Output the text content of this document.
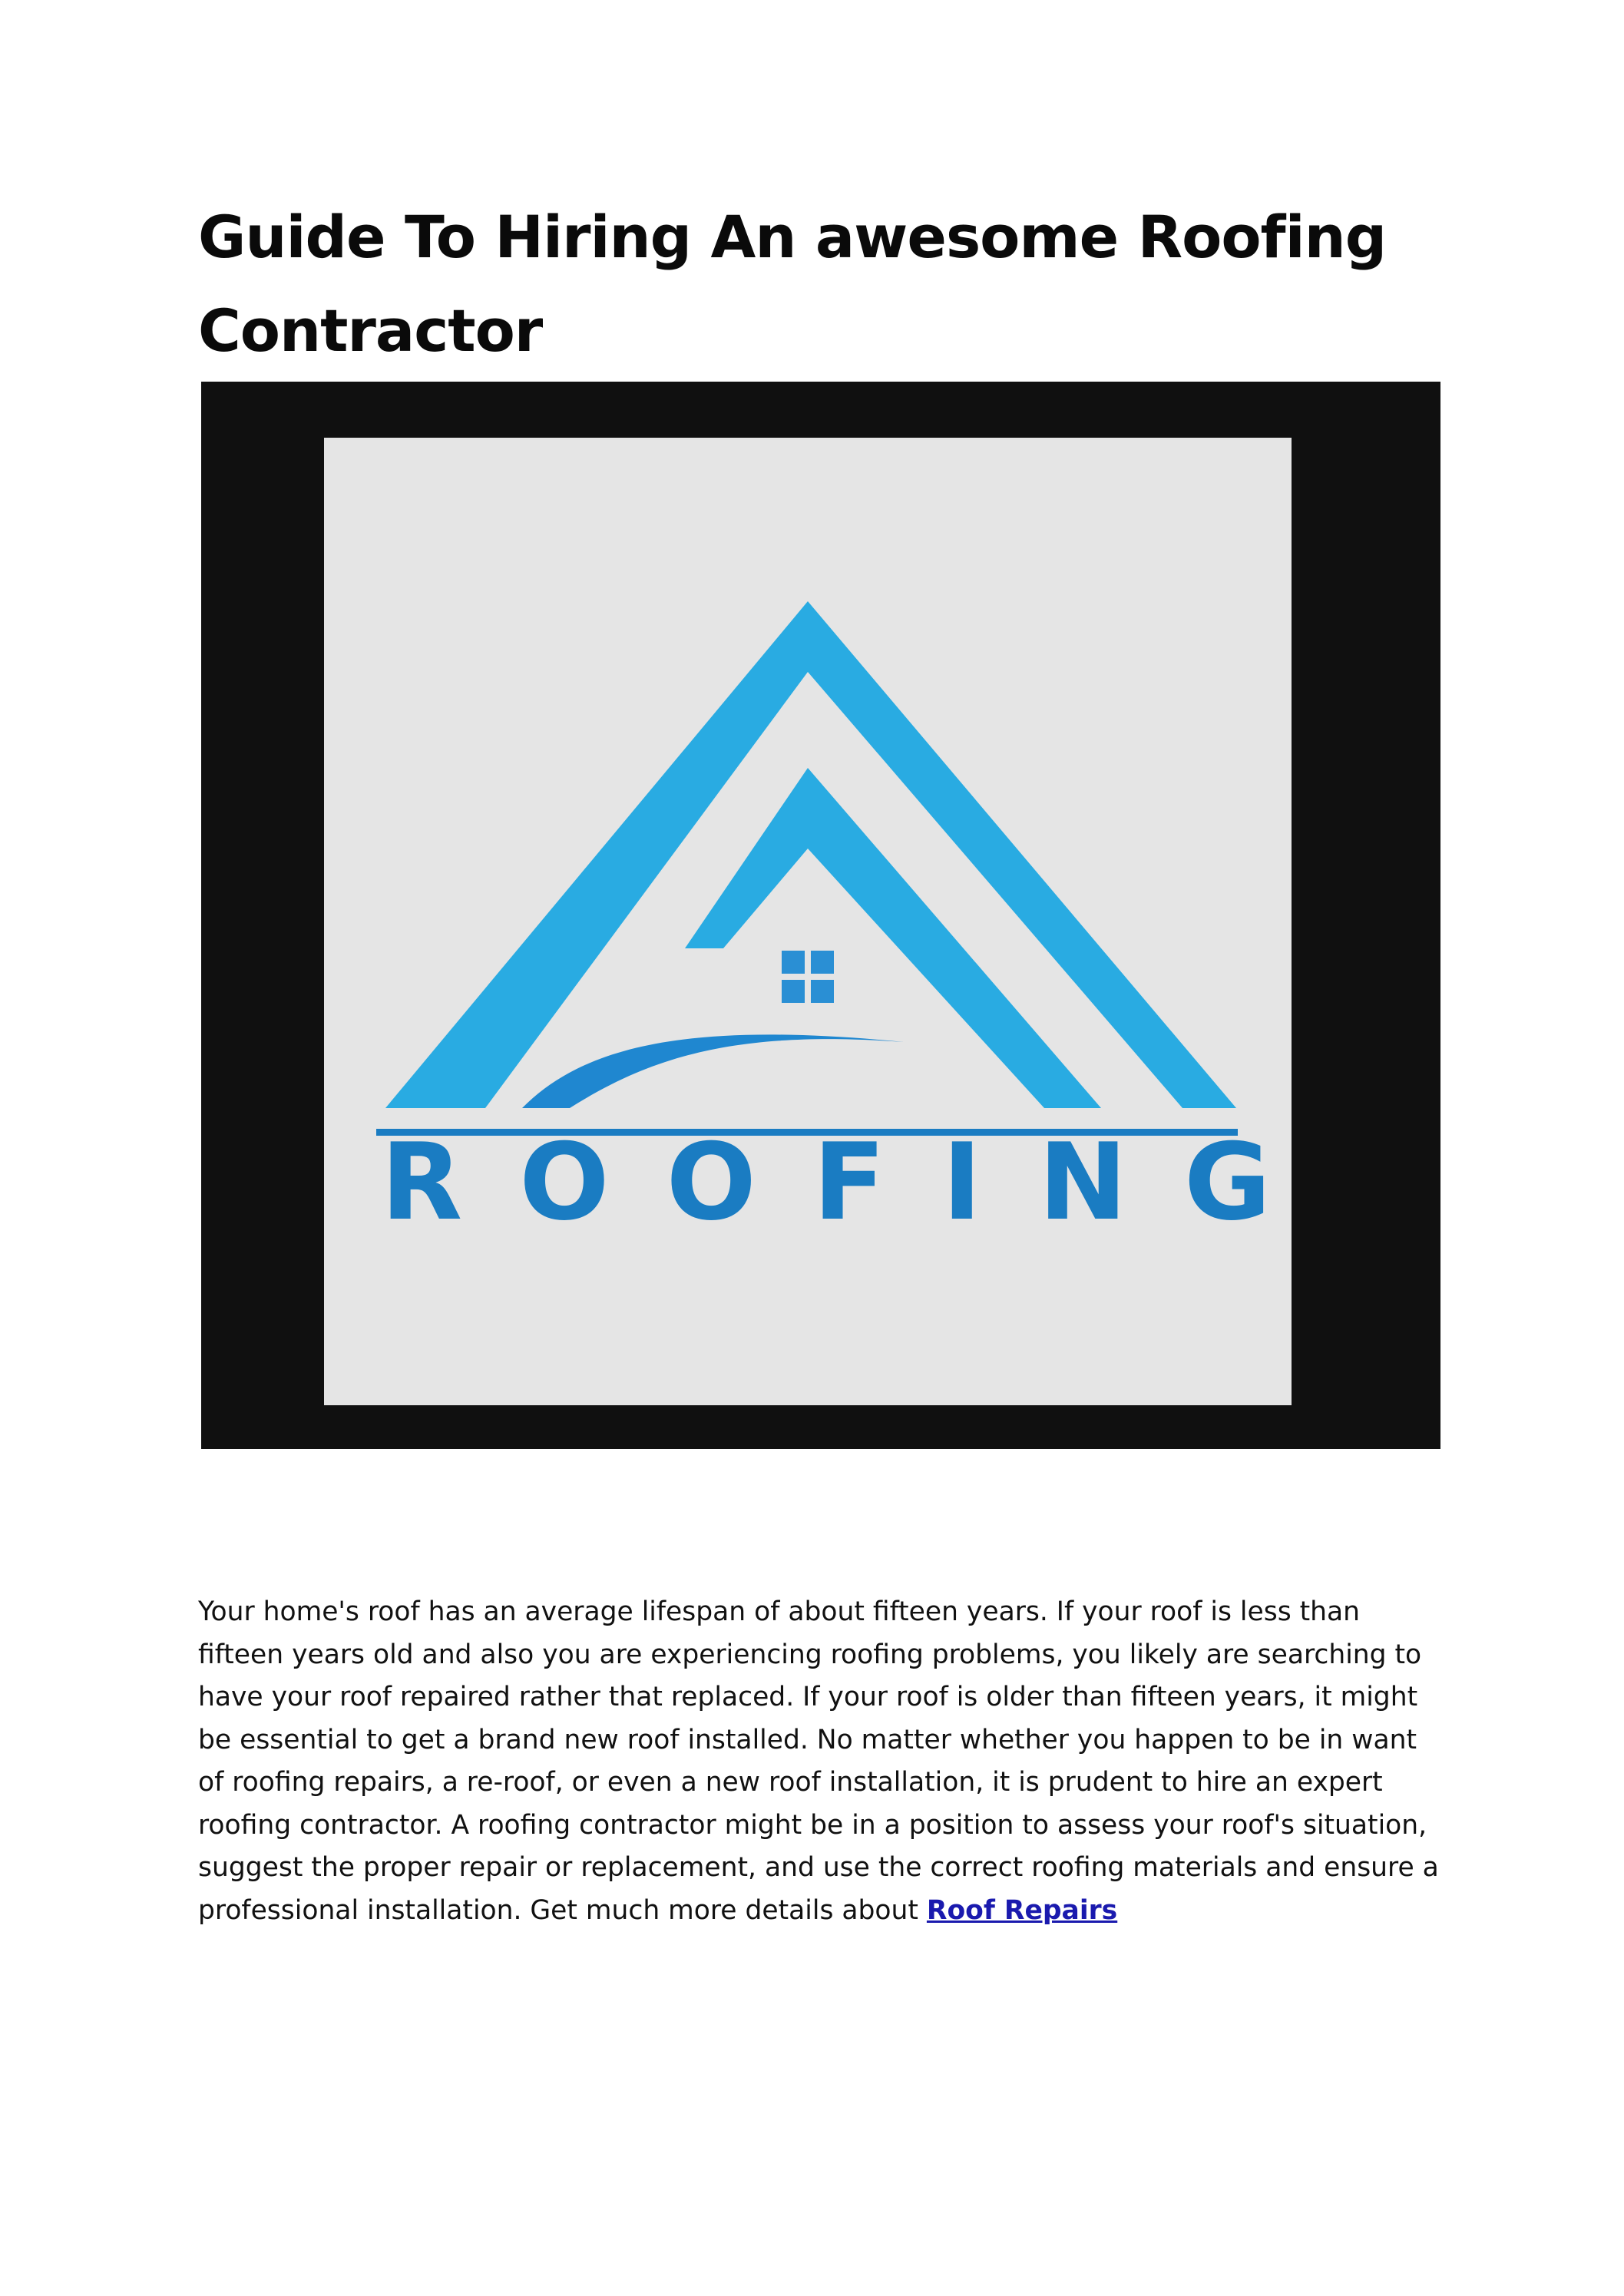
Guide To Hiring An awesome Roofing Contractor
ROOFING

Your home's roof has an average lifespan of about fifteen years. If your roof is less than fifteen years old and also you are experiencing roofing problems, you likely are searching to have your roof repaired rather that replaced. If your roof is older than fifteen years, it might be essential to get a brand new roof installed. No matter whether you happen to be in want of roofing repairs, a re-roof, or even a new roof installation, it is prudent to hire an expert roofing contractor. A roofing contractor might be in a position to assess your roof's situation, suggest the proper repair or replacement, and use the correct roofing materials and ensure a professional installation. Get much more details about Roof Repairs
